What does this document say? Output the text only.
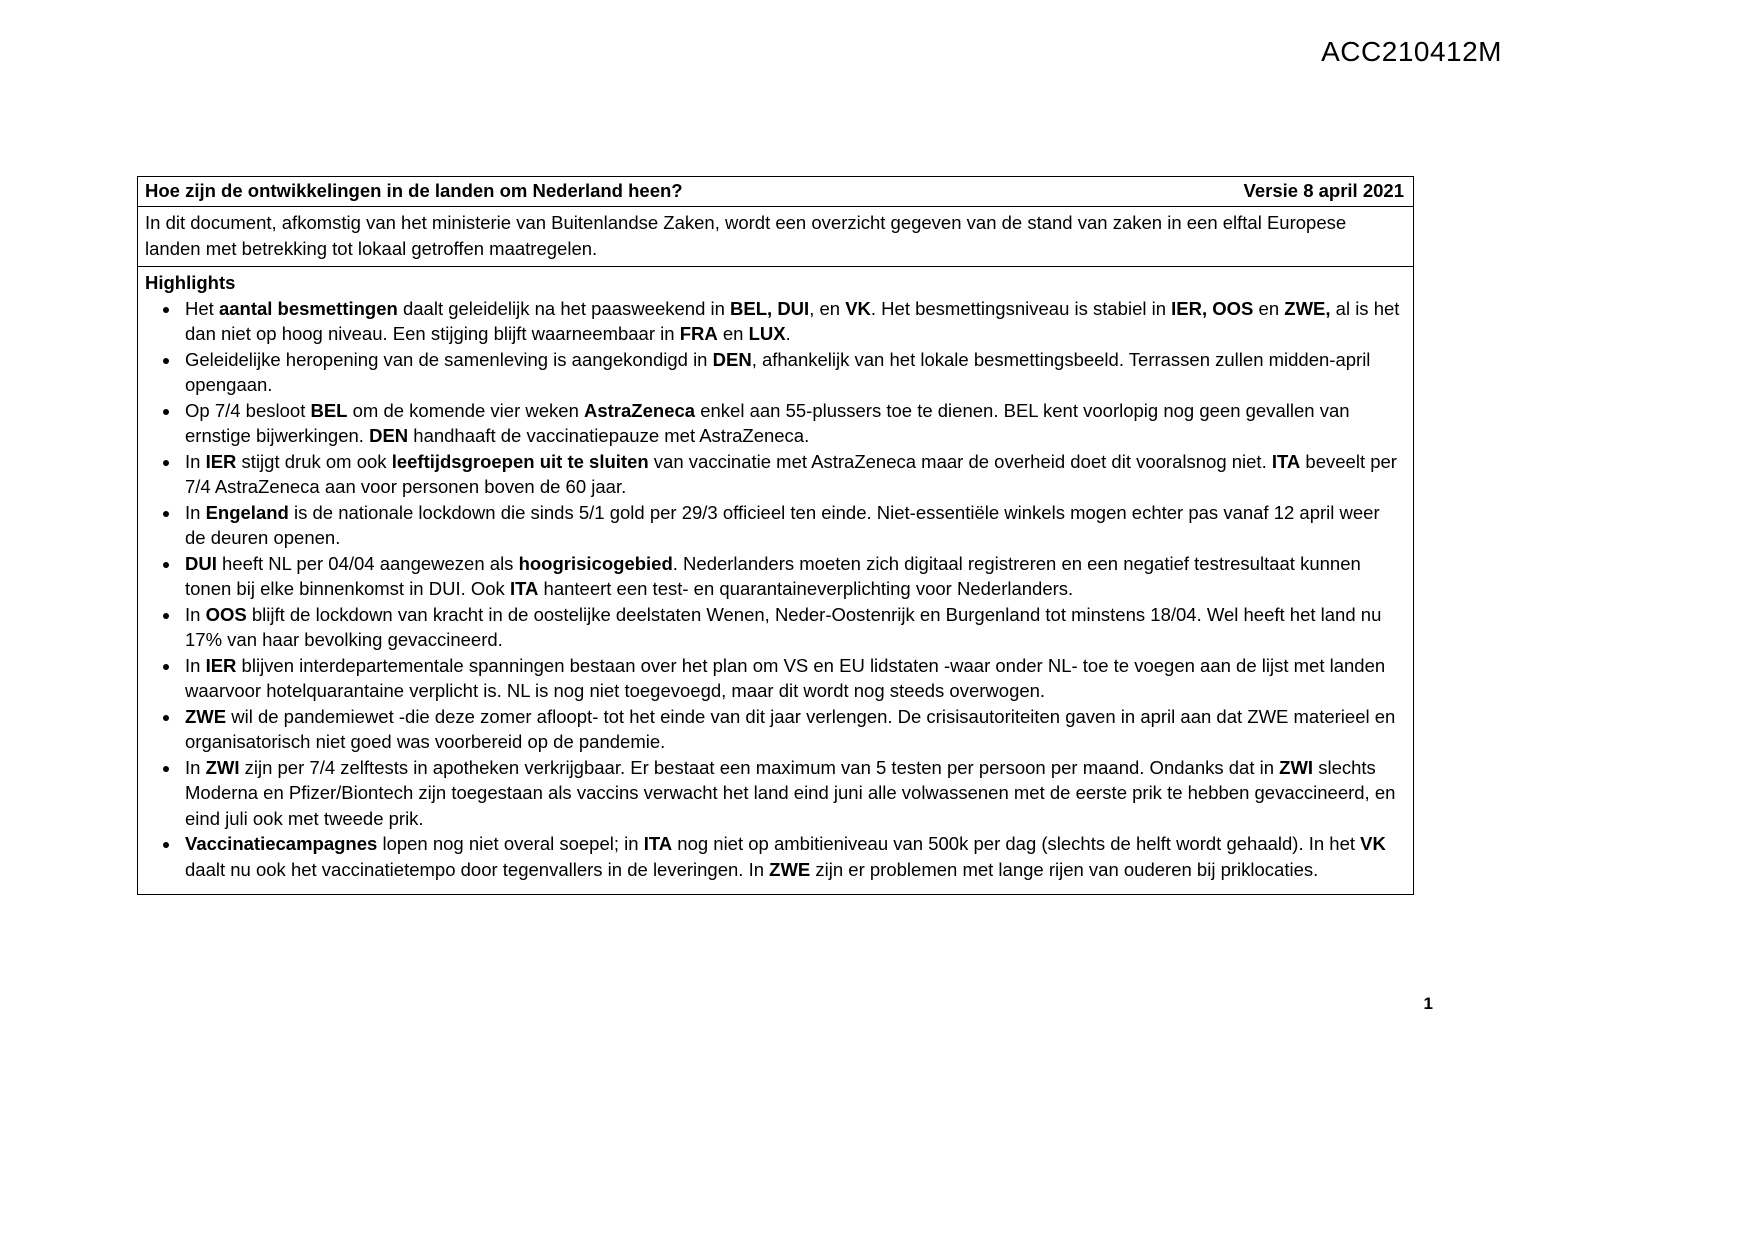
ACC210412M
Hoe zijn de ontwikkelingen in de landen om Nederland heen?	Versie 8 april 2021
In dit document, afkomstig van het ministerie van Buitenlandse Zaken, wordt een overzicht gegeven van de stand van zaken in een elftal Europese landen met betrekking tot lokaal getroffen maatregelen.
Highlights
• Het aantal besmettingen daalt geleidelijk na het paasweekend in BEL, DUI, en VK. Het besmettingsniveau is stabiel in IER, OOS en ZWE, al is het dan niet op hoog niveau. Een stijging blijft waarneembaar in FRA en LUX.
• Geleidelijke heropening van de samenleving is aangekondigd in DEN, afhankelijk van het lokale besmettingsbeeld. Terrassen zullen midden-april opengaan.
• Op 7/4 besloot BEL om de komende vier weken AstraZeneca enkel aan 55-plussers toe te dienen. BEL kent voorlopig nog geen gevallen van ernstige bijwerkingen. DEN handhaaft de vaccinatiepauze met AstraZeneca.
• In IER stijgt druk om ook leeftijdsgroepen uit te sluiten van vaccinatie met AstraZeneca maar de overheid doet dit vooralsnog niet. ITA beveelt per 7/4 AstraZeneca aan voor personen boven de 60 jaar.
• In Engeland is de nationale lockdown die sinds 5/1 gold per 29/3 officieel ten einde. Niet-essentiële winkels mogen echter pas vanaf 12 april weer de deuren openen.
• DUI heeft NL per 04/04 aangewezen als hoogrisicogebied. Nederlanders moeten zich digitaal registreren en een negatief testresultaat kunnen tonen bij elke binnenkomst in DUI. Ook ITA hanteert een test- en quarantaineverplichting voor Nederlanders.
• In OOS blijft de lockdown van kracht in de oostelijke deelstaten Wenen, Neder-Oostenrijk en Burgenland tot minstens 18/04. Wel heeft het land nu 17% van haar bevolking gevaccineerd.
• In IER blijven interdepartementale spanningen bestaan over het plan om VS en EU lidstaten -waar onder NL- toe te voegen aan de lijst met landen waarvoor hotelquarantaine verplicht is. NL is nog niet toegevoegd, maar dit wordt nog steeds overwogen.
• ZWE wil de pandemiewet -die deze zomer afloopt- tot het einde van dit jaar verlengen. De crisisautoriteiten gaven in april aan dat ZWE materieel en organisatorisch niet goed was voorbereid op de pandemie.
• In ZWI zijn per 7/4 zelftests in apotheken verkrijgbaar. Er bestaat een maximum van 5 testen per persoon per maand. Ondanks dat in ZWI slechts Moderna en Pfizer/Biontech zijn toegestaan als vaccins verwacht het land eind juni alle volwassenen met de eerste prik te hebben gevaccineerd, en eind juli ook met tweede prik.
• Vaccinatiecampagnes lopen nog niet overal soepel; in ITA nog niet op ambitieniveau van 500k per dag (slechts de helft wordt gehaald). In het VK daalt nu ook het vaccinatietempo door tegenvallers in de leveringen. In ZWE zijn er problemen met lange rijen van ouderen bij priklocaties.
1
